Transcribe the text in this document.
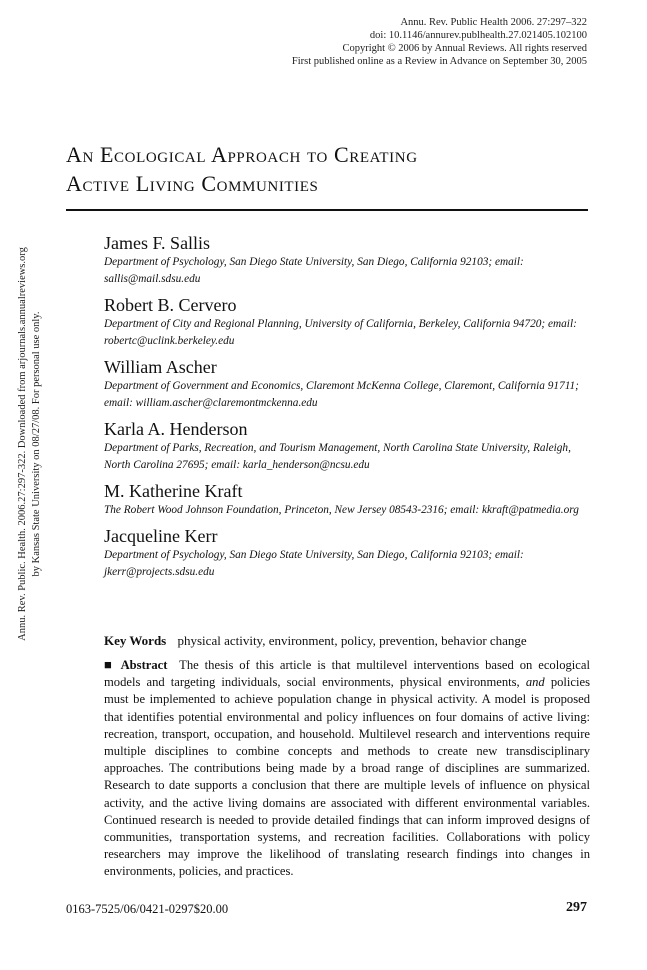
Annu. Rev. Public. Health. 2006.27:297-322. Downloaded from arjournals.annualreviews.org by Kansas State University on 08/27/08. For personal use only.
Annu. Rev. Public Health 2006. 27:297–322
doi: 10.1146/annurev.publhealth.27.021405.102100
Copyright © 2006 by Annual Reviews. All rights reserved
First published online as a Review in Advance on September 30, 2005
An Ecological Approach to Creating
Active Living Communities
James F. Sallis
Department of Psychology, San Diego State University, San Diego, California 92103; email: sallis@mail.sdsu.edu
Robert B. Cervero
Department of City and Regional Planning, University of California, Berkeley, California 94720; email: robertc@uclink.berkeley.edu
William Ascher
Department of Government and Economics, Claremont McKenna College, Claremont, California 91711; email: william.ascher@claremontmckenna.edu
Karla A. Henderson
Department of Parks, Recreation, and Tourism Management, North Carolina State University, Raleigh, North Carolina 27695; email: karla_henderson@ncsu.edu
M. Katherine Kraft
The Robert Wood Johnson Foundation, Princeton, New Jersey 08543-2316; email: kkraft@patmedia.org
Jacqueline Kerr
Department of Psychology, San Diego State University, San Diego, California 92103; email: jkerr@projects.sdsu.edu
Key Words physical activity, environment, policy, prevention, behavior change
■ Abstract The thesis of this article is that multilevel interventions based on ecological models and targeting individuals, social environments, physical environments, and policies must be implemented to achieve population change in physical activity. A model is proposed that identifies potential environmental and policy influences on four domains of active living: recreation, transport, occupation, and household. Multilevel research and interventions require multiple disciplines to combine concepts and methods to create new transdisciplinary approaches. The contributions being made by a broad range of disciplines are summarized. Research to date supports a conclusion that there are multiple levels of influence on physical activity, and the active living domains are associated with different environmental variables. Continued research is needed to provide detailed findings that can inform improved designs of communities, transportation systems, and recreation facilities. Collaborations with policy researchers may improve the likelihood of translating research findings into changes in environments, policies, and practices.
0163-7525/06/0421-0297$20.00	297
